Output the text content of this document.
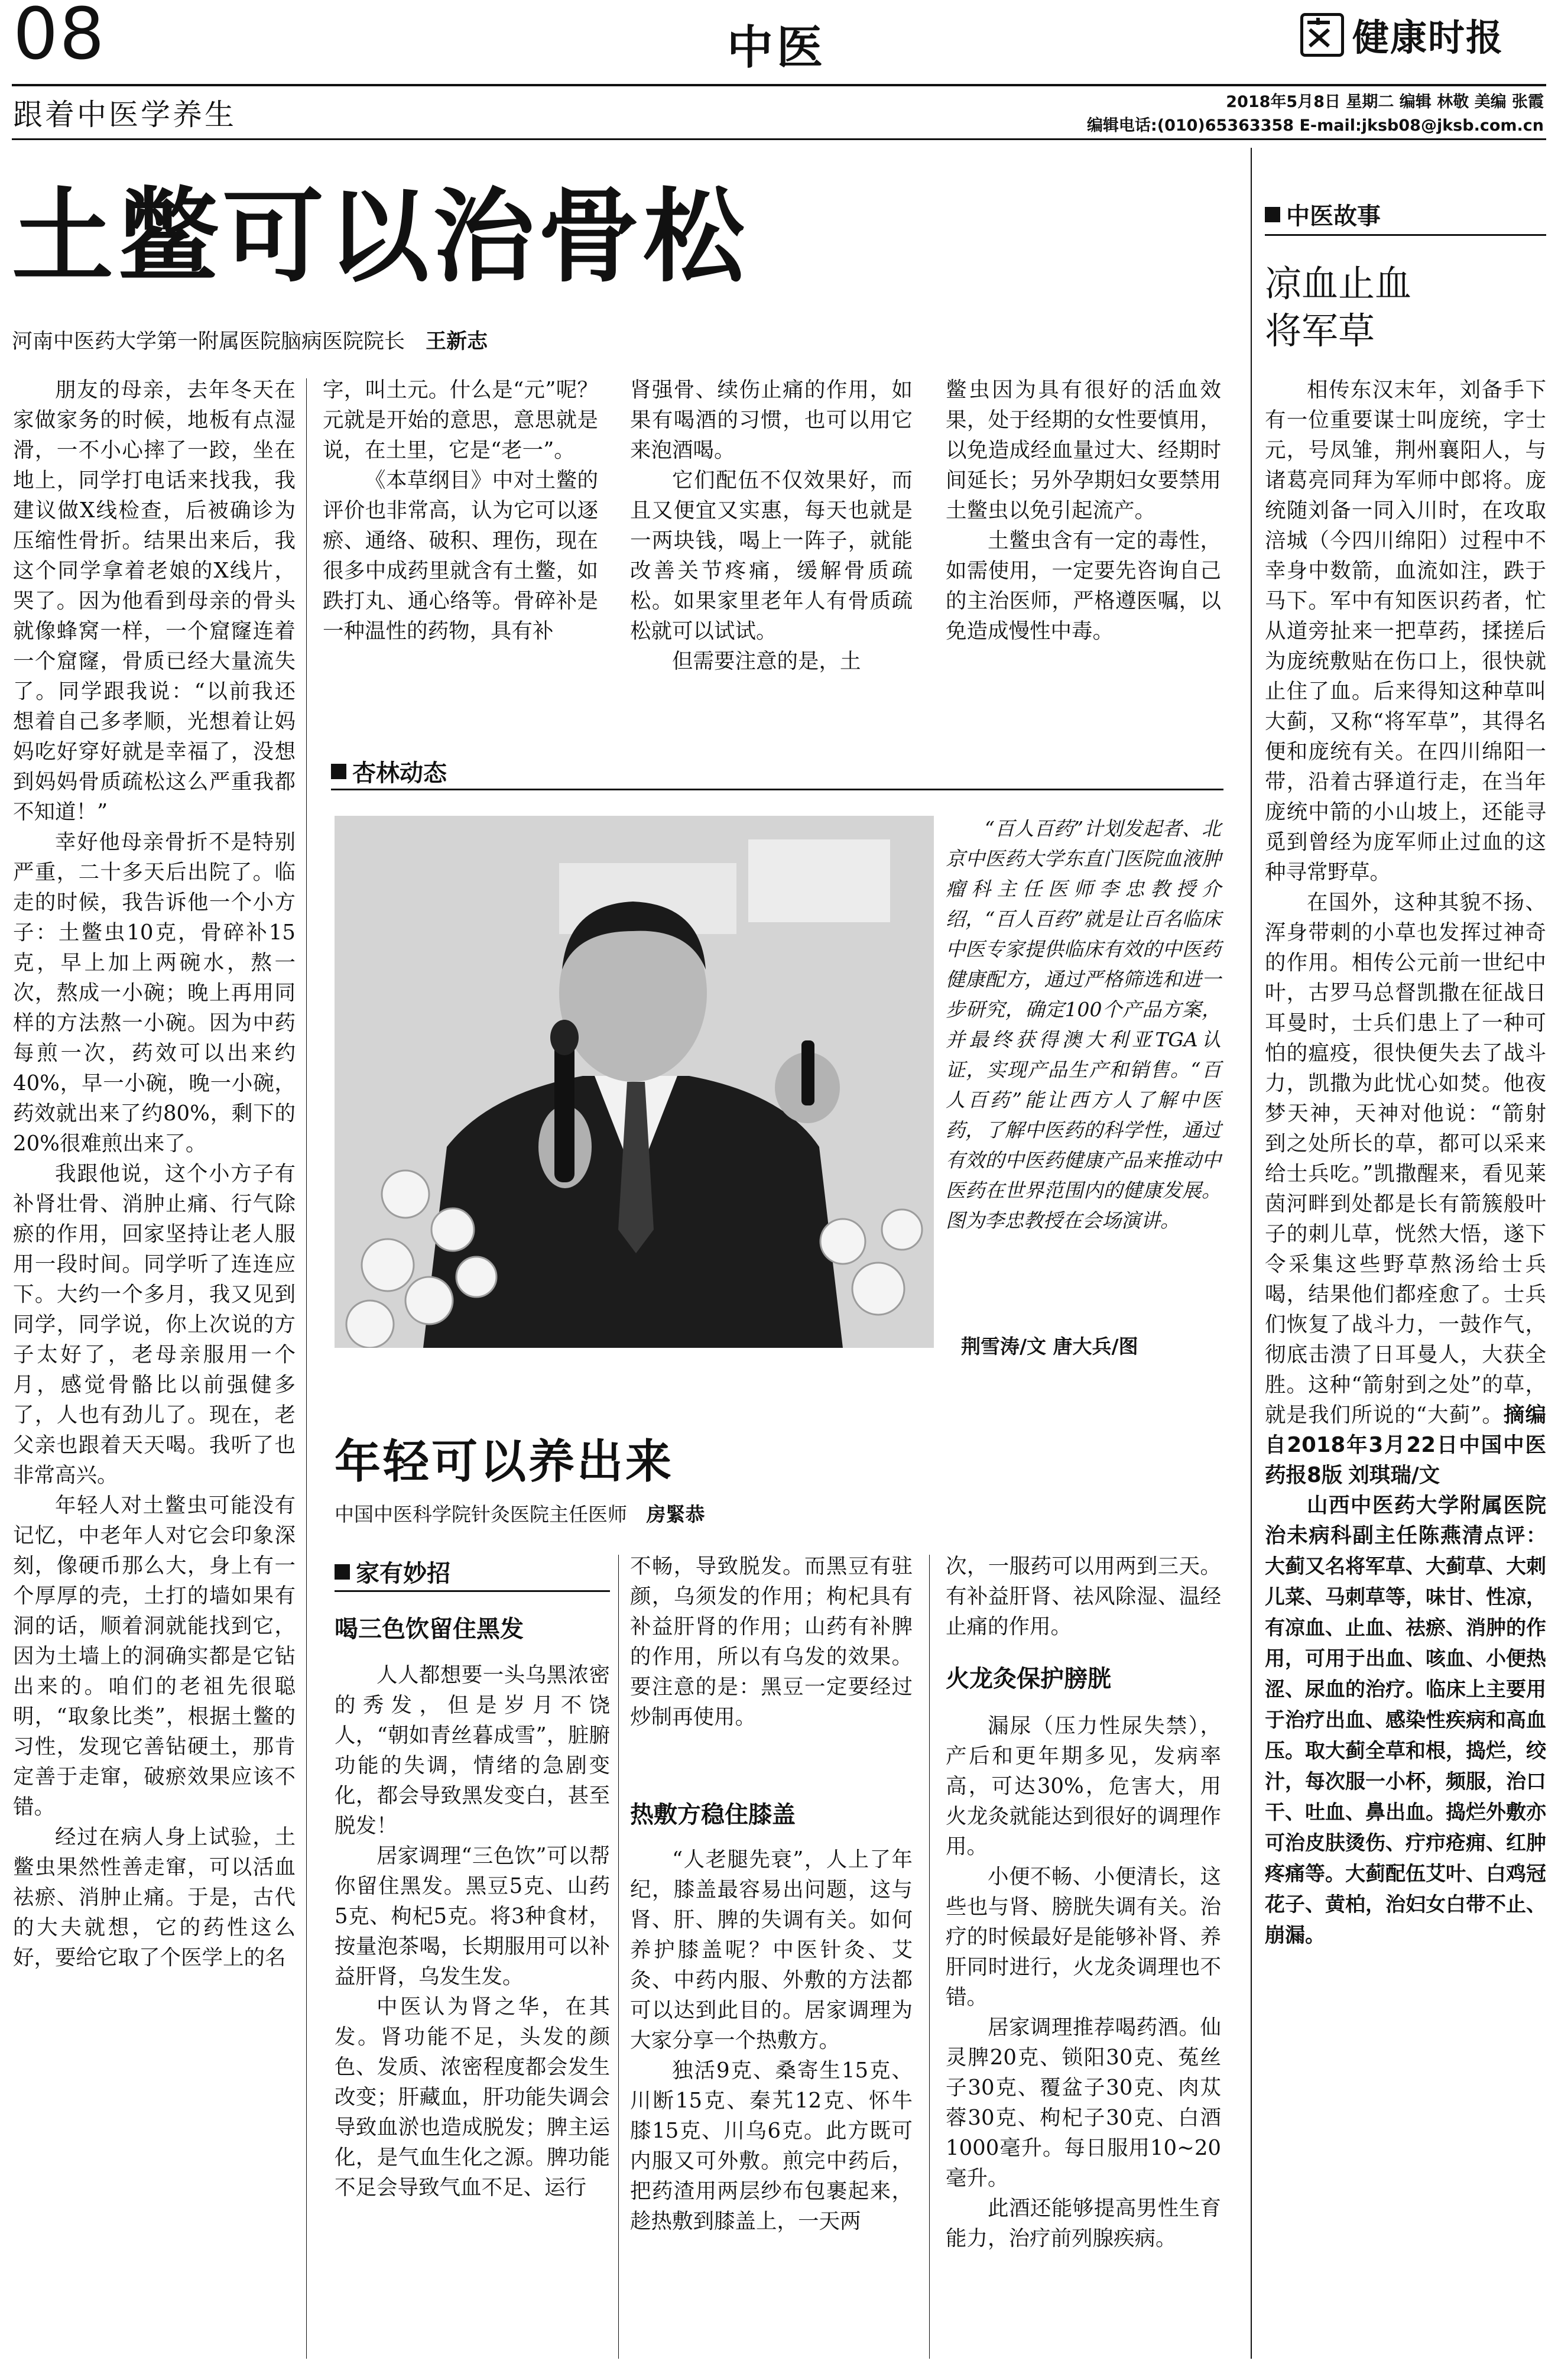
08	中医	健康时报
跟着中医学养生	2018年5月8日 星期二 编辑 林敬 美编 张霞
编辑电话:(010)65363358 E-mail:jksb08@jksb.com.cn
土鳖可以治骨松
河南中医药大学第一附属医院脑病医院院长 王新志

朋友的母亲，去年冬天在家做家务的时候，地板有点湿滑，一不小心摔了一跤，坐在地上，同学打电话来找我，我建议做X线检查，后被确诊为压缩性骨折。结果出来后，我这个同学拿着老娘的X线片，哭了。因为他看到母亲的骨头就像蜂窝一样，一个窟窿连着一个窟窿，骨质已经大量流失了。同学跟我说：“以前我还想着自己多孝顺，光想着让妈妈吃好穿好就是幸福了，没想到妈妈骨质疏松这么严重我都不知道！”

幸好他母亲骨折不是特别严重，二十多天后出院了。临走的时候，我告诉他一个小方子：土鳖虫10克，骨碎补15克，早上加上两碗水，熬一次，熬成一小碗；晚上再用同样的方法熬一小碗。因为中药每煎一次，药效可以出来约40%，早一小碗，晚一小碗，药效就出来了约80%，剩下的20%很难煎出来了。

我跟他说，这个小方子有补肾壮骨、消肿止痛、行气除瘀的作用，回家坚持让老人服用一段时间。同学听了连连应下。大约一个多月，我又见到同学，同学说，你上次说的方子太好了，老母亲服用一个月，感觉骨骼比以前强健多了，人也有劲儿了。现在，老父亲也跟着天天喝。我听了也非常高兴。

年轻人对土鳖虫可能没有记忆，中老年人对它会印象深刻，像硬币那么大，身上有一个厚厚的壳，土打的墙如果有洞的话，顺着洞就能找到它，因为土墙上的洞确实都是它钻出来的。咱们的老祖先很聪明，“取象比类”，根据土鳖的习性，发现它善钻硬土，那肯定善于走窜，破瘀效果应该不错。

经过在病人身上试验，土鳖虫果然性善走窜，可以活血祛瘀、消肿止痛。于是，古代的大夫就想，它的药性这么好，要给它取了个医学上的名

字，叫土元。什么是“元”呢？元就是开始的意思，意思就是说，在土里，它是“老一”。

《本草纲目》中对土鳖的评价也非常高，认为它可以逐瘀、通络、破积、理伤，现在很多中成药里就含有土鳖，如跌打丸、通心络等。骨碎补是一种温性的药物，具有补

肾强骨、续伤止痛的作用，如果有喝酒的习惯，也可以用它来泡酒喝。

它们配伍不仅效果好，而且又便宜又实惠，每天也就是一两块钱，喝上一阵子，就能改善关节疼痛，缓解骨质疏松。如果家里老年人有骨质疏松就可以试试。

但需要注意的是，土

鳖虫因为具有很好的活血效果，处于经期的女性要慎用，以免造成经血量过大、经期时间延长；另外孕期妇女要禁用土鳖虫以免引起流产。

土鳖虫含有一定的毒性，如需使用，一定要先咨询自己的主治医师，严格遵医嘱，以免造成慢性中毒。

杏林动态
“百人百药”计划发起者、北京中医药大学东直门医院血液肿瘤科主任医师李忠教授介绍，“百人百药”就是让百名临床中医专家提供临床有效的中医药健康配方，通过严格筛选和进一步研究，确定100个产品方案，并最终获得澳大利亚TGA认证，实现产品生产和销售。“百人百药”能让西方人了解中医药，了解中医药的科学性，通过有效的中医药健康产品来推动中医药在世界范围内的健康发展。图为李忠教授在会场演讲。
荆雪涛/文 唐大兵/图
年轻可以养出来
中国中医科学院针灸医院主任医师 房緊恭
家有妙招
喝三色饮留住黑发

人人都想要一头乌黑浓密的秀发，但是岁月不饶人，“朝如青丝暮成雪”，脏腑功能的失调，情绪的急剧变化，都会导致黑发变白，甚至脱发！

居家调理“三色饮”可以帮你留住黑发。黑豆5克、山药5克、枸杞5克。将3种食材，按量泡茶喝，长期服用可以补益肝肾，乌发生发。

中医认为肾之华，在其发。肾功能不足，头发的颜色、发质、浓密程度都会发生改变；肝藏血，肝功能失调会导致血淤也造成脱发；脾主运化，是气血生化之源。脾功能不足会导致气血不足、运行

不畅，导致脱发。而黑豆有驻颜，乌须发的作用；枸杞具有补益肝肾的作用；山药有补脾的作用，所以有乌发的效果。要注意的是：黑豆一定要经过炒制再使用。

热敷方稳住膝盖

“人老腿先衰”，人上了年纪，膝盖最容易出问题，这与肾、肝、脾的失调有关。如何养护膝盖呢？中医针灸、艾灸、中药内服、外敷的方法都可以达到此目的。居家调理为大家分享一个热敷方。

独活9克、桑寄生15克、川断15克、秦艽12克、怀牛膝15克、川乌6克。此方既可内服又可外敷。煎完中药后，把药渣用两层纱布包裹起来，趁热敷到膝盖上，一天两

次，一服药可以用两到三天。有补益肝肾、祛风除湿、温经止痛的作用。

火龙灸保护膀胱

漏尿（压力性尿失禁），产后和更年期多见，发病率高，可达30%，危害大，用火龙灸就能达到很好的调理作用。

小便不畅、小便清长，这些也与肾、膀胱失调有关。治疗的时候最好是能够补肾、养肝同时进行，火龙灸调理也不错。

居家调理推荐喝药酒。仙灵脾20克、锁阳30克、菟丝子30克、覆盆子30克、肉苁蓉30克、枸杞子30克、白酒1000毫升。每日服用10~20毫升。

此酒还能够提高男性生育能力，治疗前列腺疾病。

中医故事
凉血止血
将军草

相传东汉末年，刘备手下有一位重要谋士叫庞统，字士元，号凤雏，荆州襄阳人，与诸葛亮同拜为军师中郎将。庞统随刘备一同入川时，在攻取涪城（今四川绵阳）过程中不幸身中数箭，血流如注，跌于马下。军中有知医识药者，忙从道旁扯来一把草药，揉搓后为庞统敷贴在伤口上，很快就止住了血。后来得知这种草叫大蓟，又称“将军草”，其得名便和庞统有关。在四川绵阳一带，沿着古驿道行走，在当年庞统中箭的小山坡上，还能寻觅到曾经为庞军师止过血的这种寻常野草。

在国外，这种其貌不扬、浑身带刺的小草也发挥过神奇的作用。相传公元前一世纪中叶，古罗马总督凯撒在征战日耳曼时，士兵们患上了一种可怕的瘟疫，很快便失去了战斗力，凯撒为此忧心如焚。他夜梦天神，天神对他说：“箭射到之处所长的草，都可以采来给士兵吃。”凯撒醒来，看见莱茵河畔到处都是长有箭簇般叶子的刺儿草，恍然大悟，遂下令采集这些野草熬汤给士兵喝，结果他们都痊愈了。士兵们恢复了战斗力，一鼓作气，彻底击溃了日耳曼人，大获全胜。这种“箭射到之处”的草，就是我们所说的“大蓟”。摘编自2018年3月22日中国中医药报8版 刘琪瑞/文

山西中医药大学附属医院治未病科副主任陈燕清点评：大蓟又名将军草、大蓟草、大刺儿菜、马刺草等，味甘、性凉，有凉血、止血、祛瘀、消肿的作用，可用于出血、咳血、小便热涩、尿血的治疗。临床上主要用于治疗出血、感染性疾病和高血压。取大蓟全草和根，捣烂，绞汁，每次服一小杯，频服，治口干、吐血、鼻出血。捣烂外敷亦可治皮肤烫伤、疔疖疮痈、红肿疼痛等。大蓟配伍艾叶、白鸡冠花子、黄柏，治妇女白带不止、崩漏。
